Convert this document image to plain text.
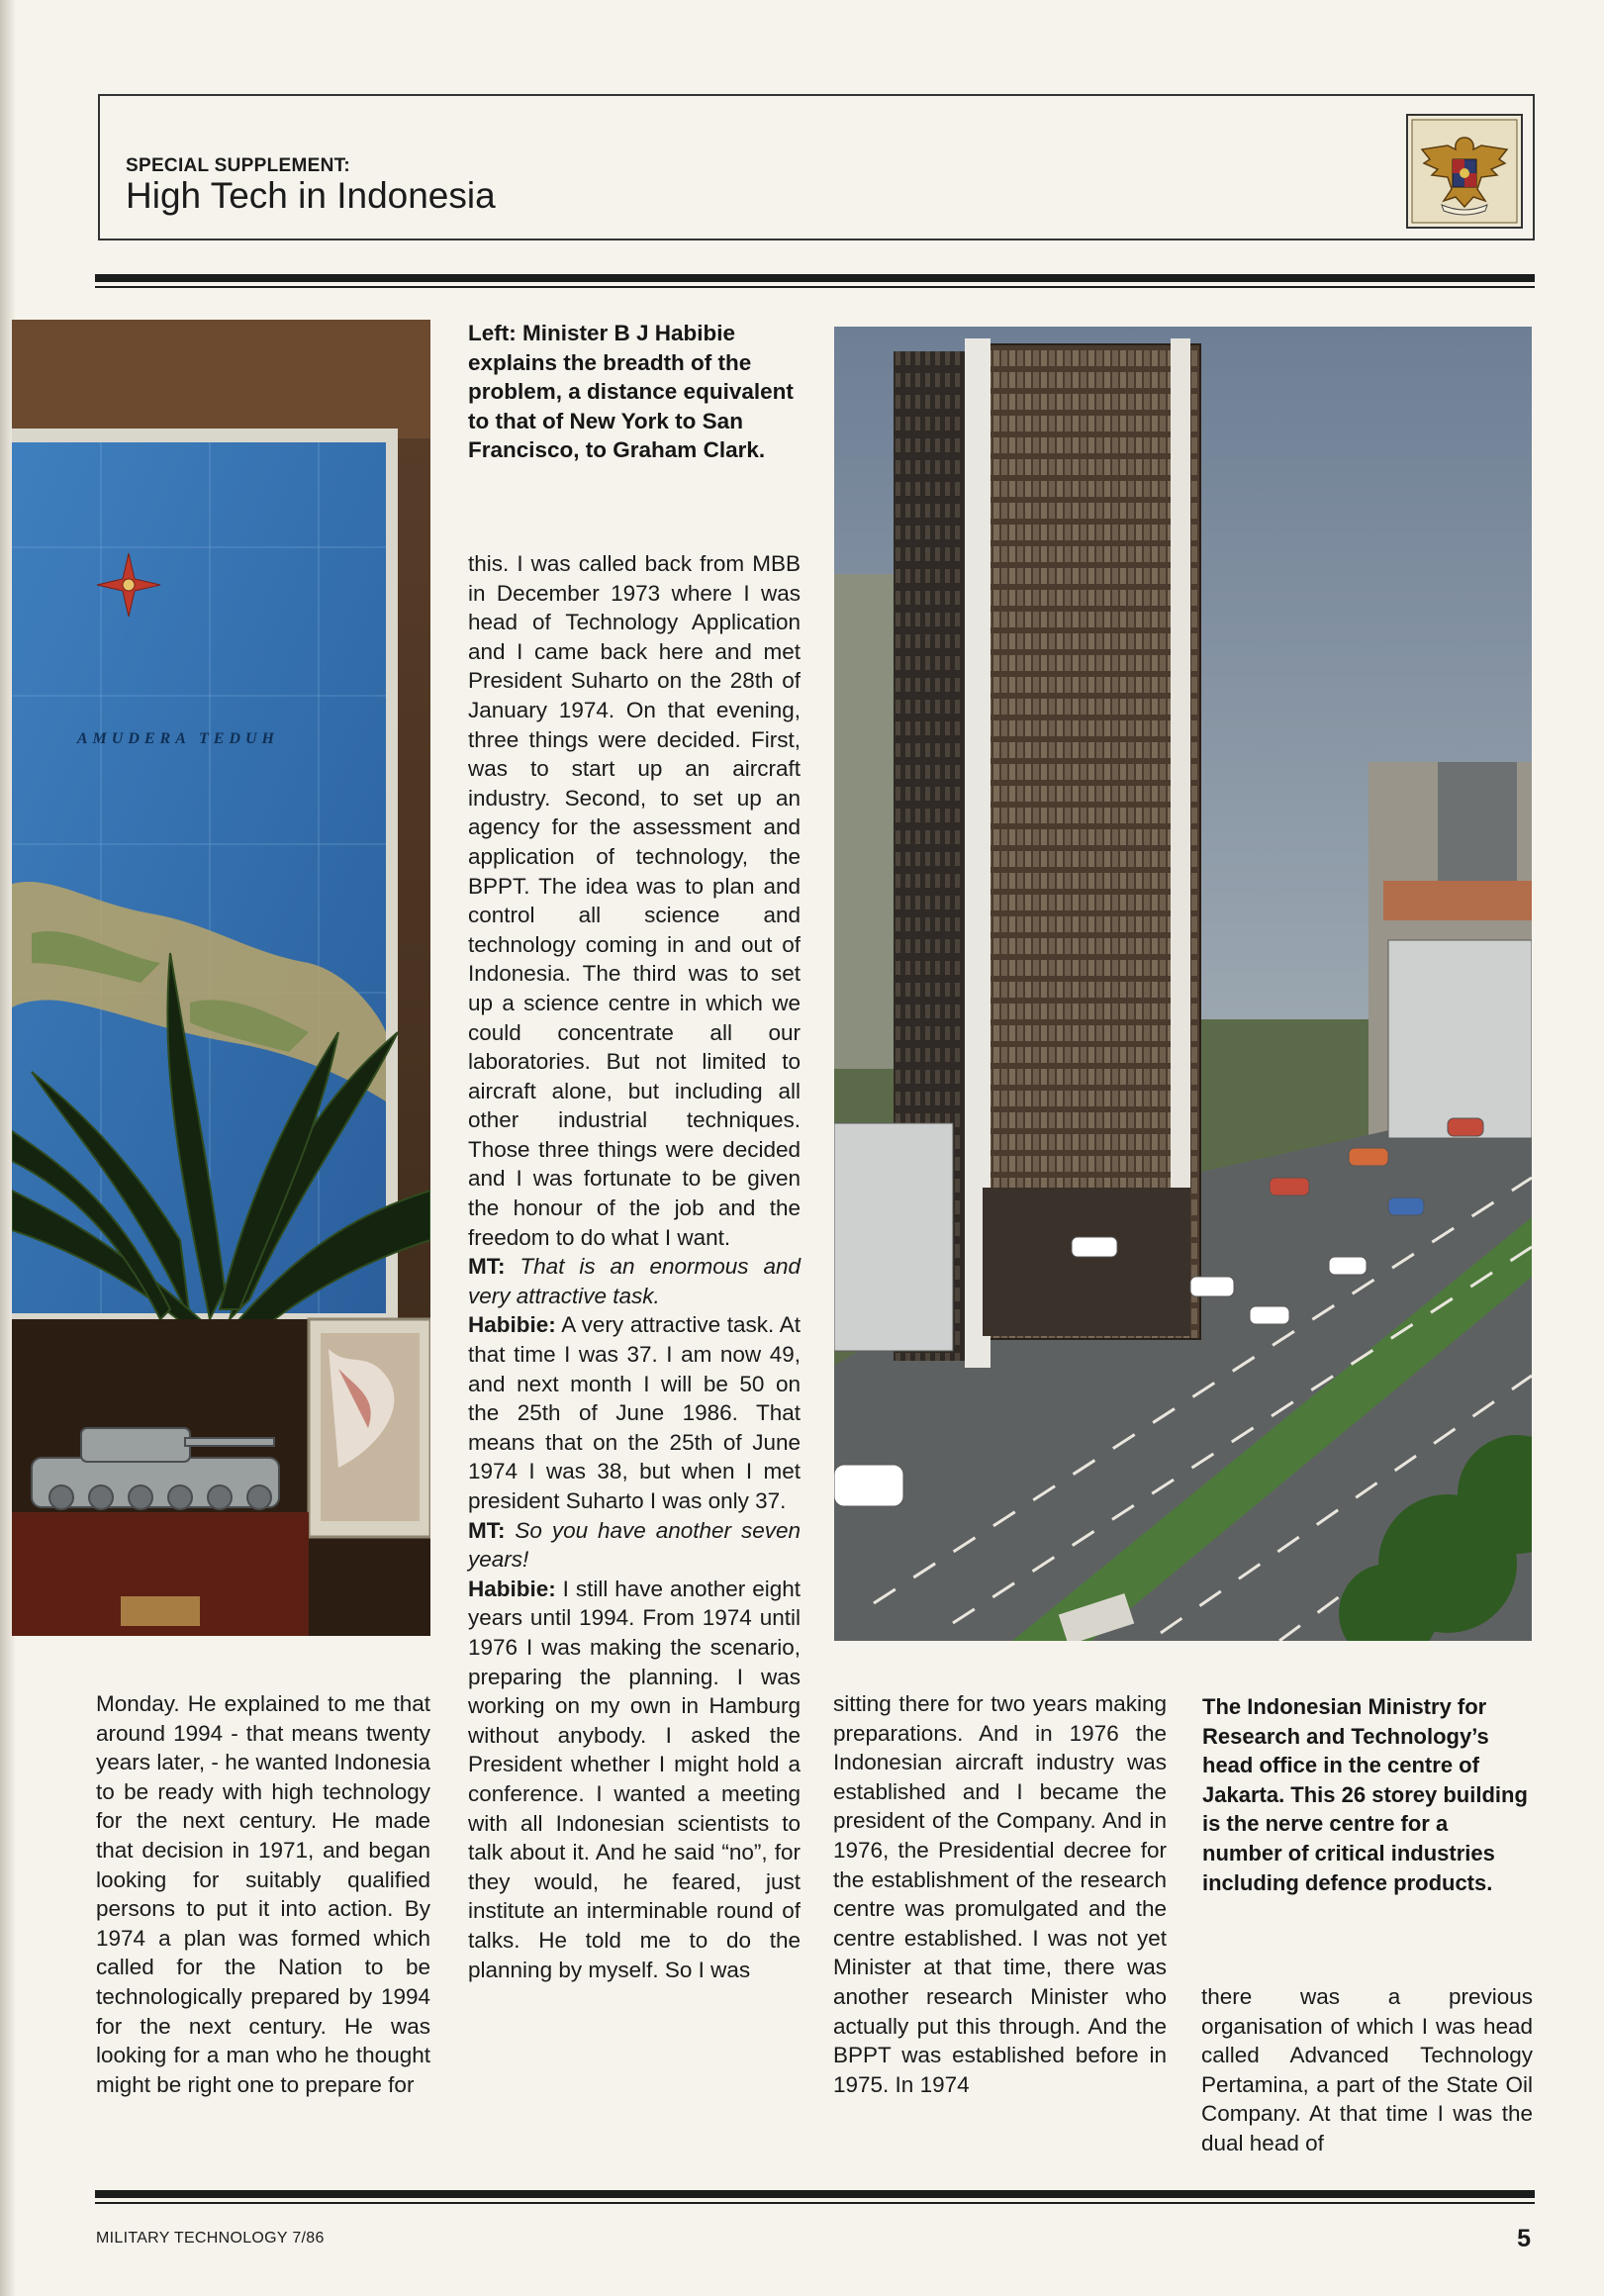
SPECIAL SUPPLEMENT:
High Tech in Indonesia
AMUDERA TEDUH
Left: Minister B J Habibie explains the breadth of the problem, a distance equivalent to that of New York to San Francisco, to Graham Clark.
The Indonesian Ministry for Research and Technology’s head office in the centre of Jakarta. This 26 storey building is the nerve centre for a number of critical industries including defence products.

this. I was called back from MBB in December 1973 where I was head of Technology Application and I came back here and met President Suharto on the 28th of January 1974. On that evening, three things were decided. First, was to start up an aircraft industry. Second, to set up an agency for the assessment and application of technology, the BPPT. The idea was to plan and control all science and technology coming in and out of Indonesia. The third was to set up a science centre in which we could concentrate all our laboratories. But not limited to aircraft alone, but including all other industrial techniques. Those three things were decided and I was fortunate to be given the honour of the job and the freedom to do what I want.

MT: That is an enormous and very attractive task.

Habibie: A very attractive task. At that time I was 37. I am now 49, and next month I will be 50 on the 25th of June 1986. That means that on the 25th of June 1974 I was 38, but when I met president Suharto I was only 37.

MT: So you have another seven years!

Habibie: I still have another eight years until 1994. From 1974 until 1976 I was making the scenario, preparing the planning. I was working on my own in Hamburg without anybody. I asked the President whether I might hold a conference. I wanted a meeting with all Indonesian scientists to talk about it. And he said “no”, for they would, he feared, just institute an interminable round of talks. He told me to do the planning by myself. So I was

Monday. He explained to me that around 1994 - that means twenty years later, - he wanted Indonesia to be ready with high technology for the next century. He made that decision in 1971, and began looking for suitably qualified persons to put it into action. By 1974 a plan was formed which called for the Nation to be technologically prepared by 1994 for the next century. He was looking for a man who he thought might be right one to prepare for
sitting there for two years making preparations. And in 1976 the Indonesian aircraft industry was established and I became the president of the Company. And in 1976, the Presidential decree for the establishment of the research centre was promulgated and the centre established. I was not yet Minister at that time, there was another research Minister who actually put this through. And the BPPT was established before in 1975. In 1974
there was a previous organisation of which I was head called Advanced Technology Pertamina, a part of the State Oil Company. At that time I was the dual head of
MILITARY TECHNOLOGY 7/86	5
